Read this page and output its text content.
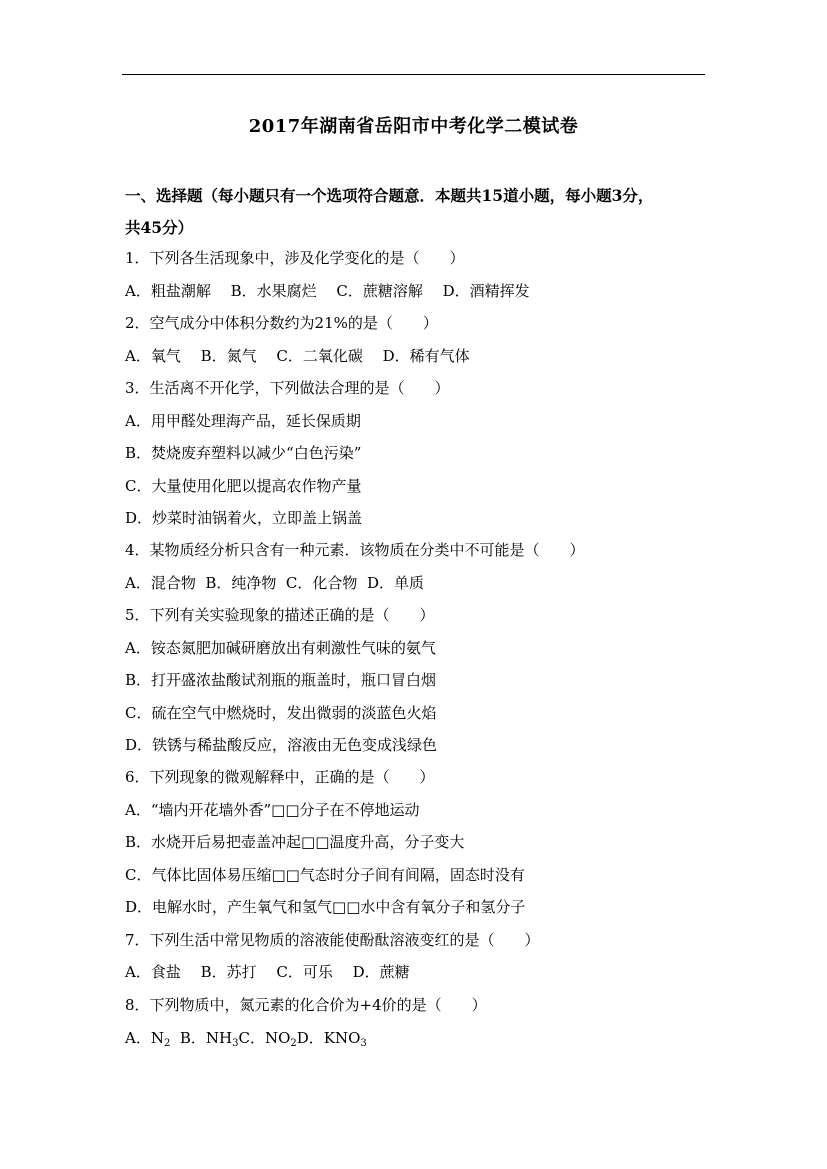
2017年湖南省岳阳市中考化学二模试卷
一、选择题（每小题只有一个选项符合题意．本题共15道小题，每小题3分，
共45分）
1．下列各生活现象中，涉及化学变化的是（　　）
A．粗盐潮解　 B．水果腐烂　 C．蔗糖溶解　 D．酒精挥发
2．空气成分中体积分数约为21%的是（　　）
A．氧气　 B．氮气　 C．二氧化碳　 D．稀有气体
3．生活离不开化学，下列做法合理的是（　　）
A．用甲醛处理海产品，延长保质期
B．焚烧废弃塑料以减少“白色污染”
C．大量使用化肥以提高农作物产量
D．炒菜时油锅着火，立即盖上锅盖
4．某物质经分析只含有一种元素．该物质在分类中不可能是（　　）
A．混合物  B．纯净物  C．化合物  D．单质
5．下列有关实验现象的描述正确的是（　　）
A．铵态氮肥加碱研磨放出有刺激性气味的氨气
B．打开盛浓盐酸试剂瓶的瓶盖时，瓶口冒白烟
C．硫在空气中燃烧时，发出微弱的淡蓝色火焰
D．铁锈与稀盐酸反应，溶液由无色变成浅绿色
6．下列现象的微观解释中，正确的是（　　）
A．“墙内开花墙外香”□□分子在不停地运动
B．水烧开后易把壶盖冲起□□温度升高，分子变大
C．气体比固体易压缩□□气态时分子间有间隔，固态时没有
D．电解水时，产生氧气和氢气□□水中含有氧分子和氢分子
7．下列生活中常见物质的溶液能使酚酞溶液变红的是（　　）
A．食盐　 B．苏打　 C．可乐　 D．蔗糖
8．下列物质中，氮元素的化合价为+4价的是（　　）
A．$N_2$  B．$NH_3C$．$NO_2D$．$KNO_3$
